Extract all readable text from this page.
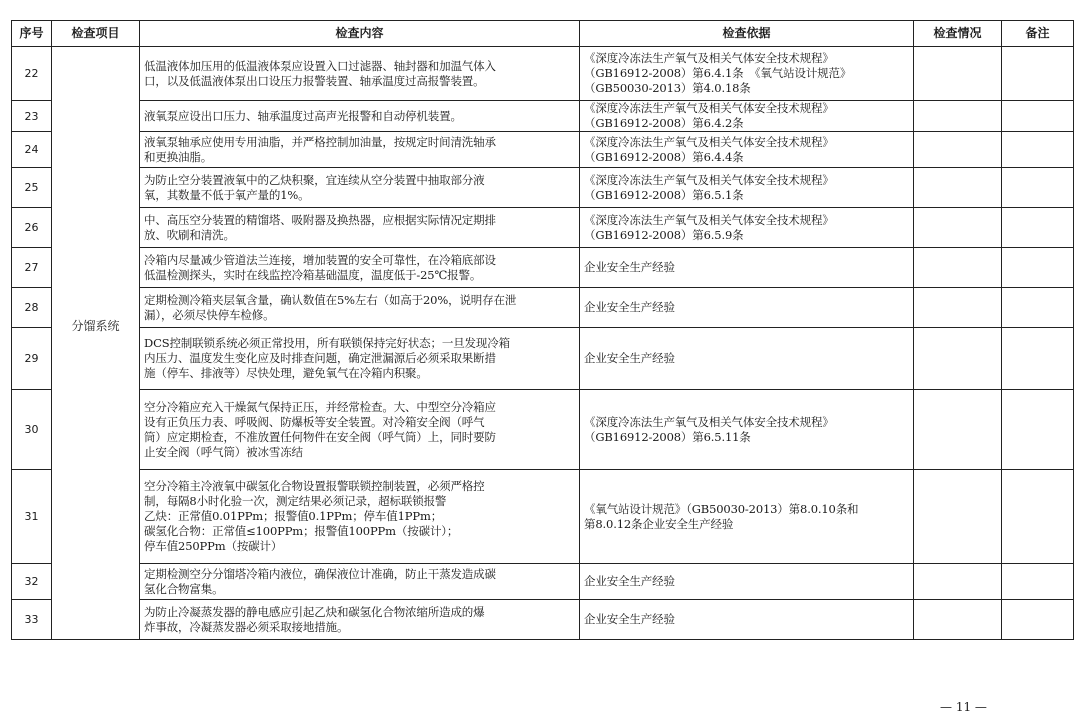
序号	检查项目	检查内容	检查依据	检查情况	备注
22	分馏系统	低温液体加压用的低温液体泵应设置入口过滤器、轴封器和加温气体入
口，以及低温液体泵出口设压力报警装置、轴承温度过高报警装置。	《深度冷冻法生产氧气及相关气体安全技术规程》
（GB16912-2008）第6.4.1条　《氧气站设计规范》
（GB50030-2013）第4.0.18条		

23		液氧泵应设出口压力、轴承温度过高声光报警和自动停机装置。	《深度冷冻法生产氧气及相关气体安全技术规程》
（GB16912-2008）第6.4.2条		

24		液氧泵轴承应使用专用油脂，并严格控制加油量，按规定时间清洗轴承
和更换油脂。	《深度冷冻法生产氧气及相关气体安全技术规程》
（GB16912-2008）第6.4.4条		

25		为防止空分装置液氧中的乙炔积聚，宜连续从空分装置中抽取部分液
氧，其数量不低于氧产量的1%。	《深度冷冻法生产氧气及相关气体安全技术规程》
（GB16912-2008）第6.5.1条		

26		中、高压空分装置的精馏塔、吸附器及换热器，应根据实际情况定期排
放、吹刷和清洗。	《深度冷冻法生产氧气及相关气体安全技术规程》
（GB16912-2008）第6.5.9条		

27		冷箱内尽量减少管道法兰连接，增加装置的安全可靠性，在冷箱底部设
低温检测探头，实时在线监控冷箱基础温度，温度低于-25℃报警。	企业安全生产经验		

28		定期检测冷箱夹层氧含量，确认数值在5%左右（如高于20%，说明存在泄
漏），必须尽快停车检修。	企业安全生产经验		

29		DCS控制联锁系统必须正常投用，所有联锁保持完好状态；一旦发现冷箱
内压力、温度发生变化应及时排查问题，确定泄漏源后必须采取果断措
施（停车、排液等）尽快处理，避免氧气在冷箱内积聚。	企业安全生产经验		

30		空分冷箱应充入干燥氮气保持正压，并经常检查。大、中型空分冷箱应
设有正负压力表、呼吸阀、防爆板等安全装置。对冷箱安全阀（呼气
筒）应定期检查，不准放置任何物件在安全阀（呼气筒）上，同时要防
止安全阀（呼气筒）被冰雪冻结	《深度冷冻法生产氧气及相关气体安全技术规程》
（GB16912-2008）第6.5.11条		

31		空分冷箱主冷液氧中碳氢化合物设置报警联锁控制装置，必须严格控
制，每隔8小时化验一次，测定结果必须记录，超标联锁报警
乙炔：正常值0.01PPm；报警值0.1PPm；停车值1PPm；
碳氢化合物：正常值≤100PPm；报警值100PPm（按碳计）；
停车值250PPm（按碳计）	《氧气站设计规范》（GB50030-2013）第8.0.10条和
第8.0.12条企业安全生产经验		

32		定期检测空分分馏塔冷箱内液位，确保液位计准确，防止干蒸发造成碳
氢化合物富集。	企业安全生产经验		

33		为防止冷凝蒸发器的静电感应引起乙炔和碳氢化合物浓缩所造成的爆
炸事故，冷凝蒸发器必须采取接地措施。	企业安全生产经验		

— 11 —
